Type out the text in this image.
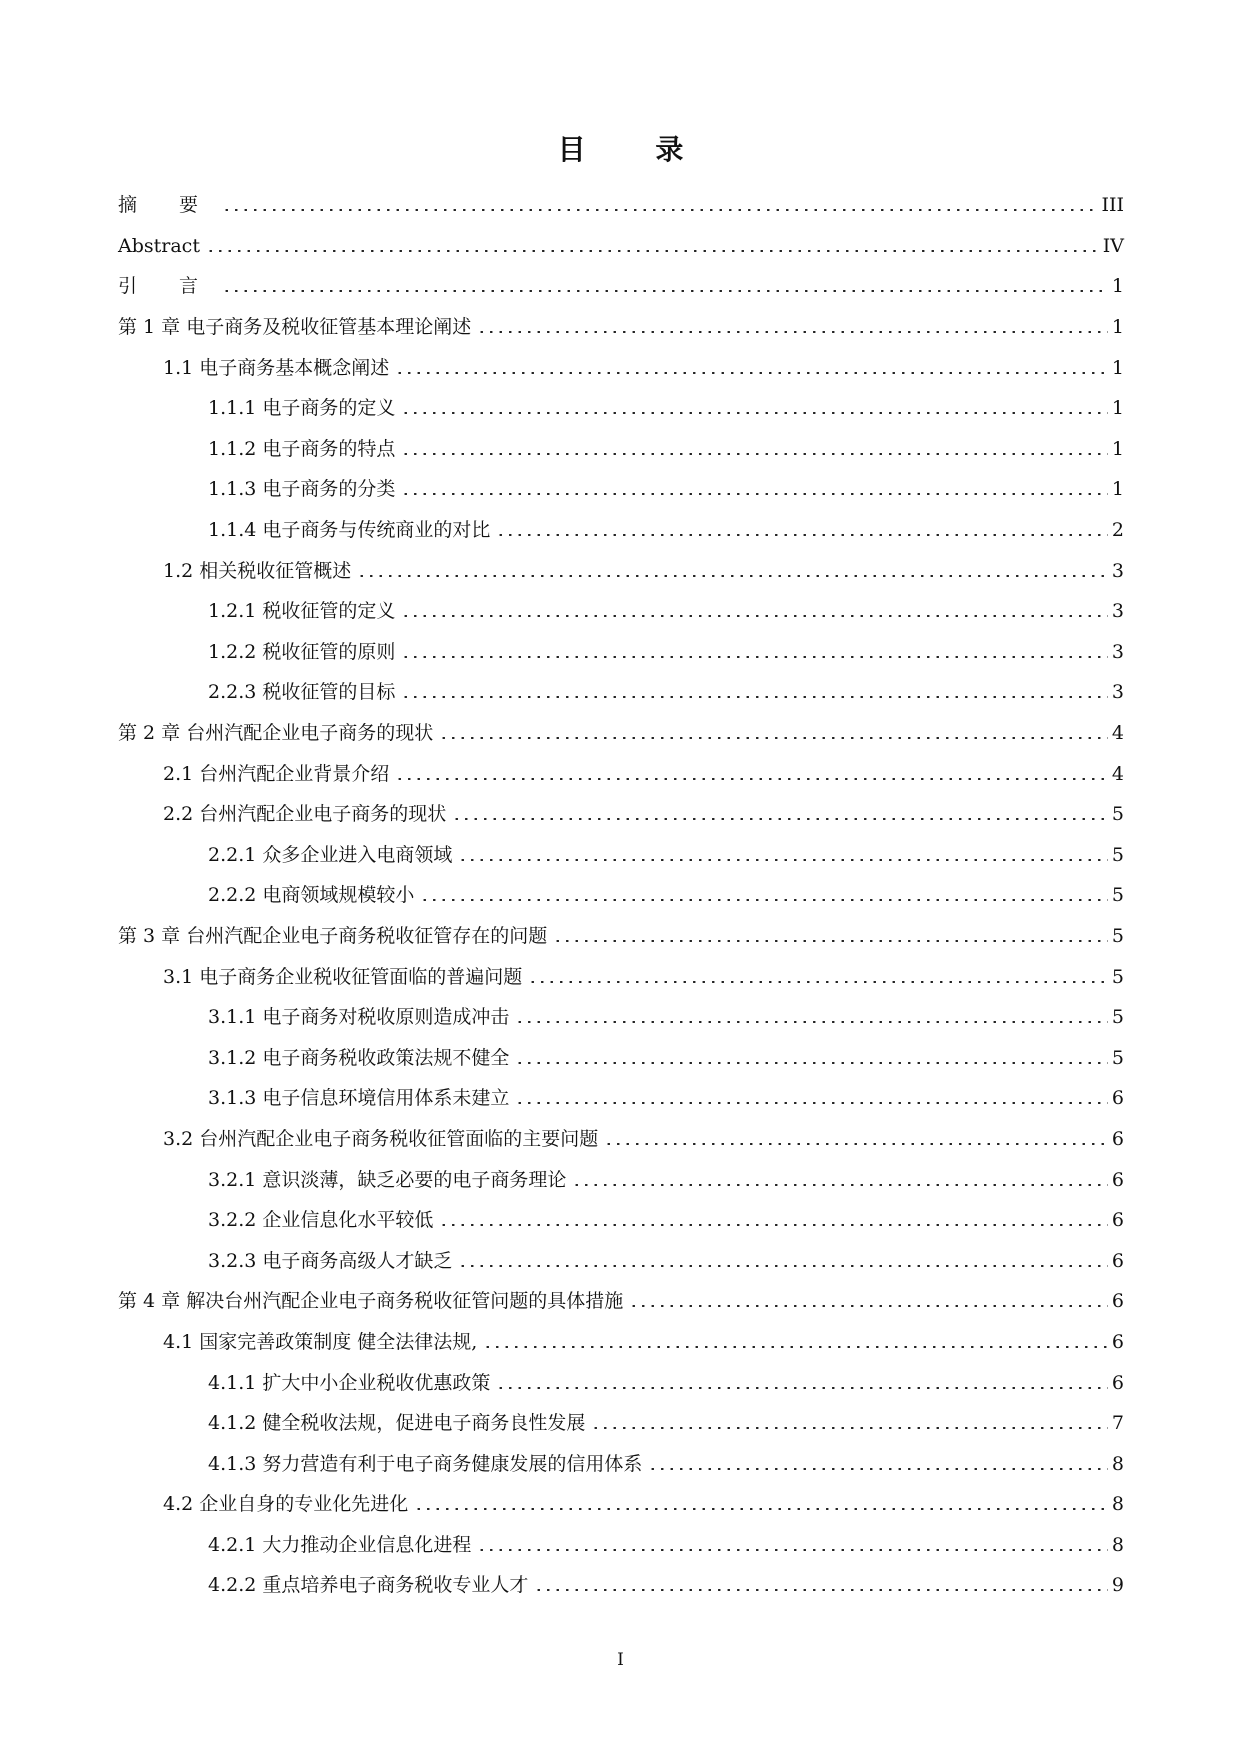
目 录
摘 要	III
Abstract	IV
引 言	1
第 1 章 电子商务及税收征管基本理论阐述	1
1.1 电子商务基本概念阐述	1
1.1.1 电子商务的定义	1
1.1.2 电子商务的特点	1
1.1.3 电子商务的分类	1
1.1.4 电子商务与传统商业的对比	2
1.2 相关税收征管概述	3
1.2.1 税收征管的定义	3
1.2.2 税收征管的原则	3
2.2.3 税收征管的目标	3
第 2 章 台州汽配企业电子商务的现状	4
2.1 台州汽配企业背景介绍	4
2.2 台州汽配企业电子商务的现状	5
2.2.1 众多企业进入电商领域	5
2.2.2 电商领域规模较小	5
第 3 章 台州汽配企业电子商务税收征管存在的问题	5
3.1 电子商务企业税收征管面临的普遍问题	5
3.1.1 电子商务对税收原则造成冲击	5
3.1.2 电子商务税收政策法规不健全	5
3.1.3 电子信息环境信用体系未建立	6
3.2 台州汽配企业电子商务税收征管面临的主要问题	6
3.2.1 意识淡薄，缺乏必要的电子商务理论	6
3.2.2 企业信息化水平较低	6
3.2.3 电子商务高级人才缺乏	6
第 4 章 解决台州汽配企业电子商务税收征管问题的具体措施	6
4.1 国家完善政策制度 健全法律法规,	6
4.1.1 扩大中小企业税收优惠政策	6
4.1.2 健全税收法规，促进电子商务良性发展	7
4.1.3 努力营造有利于电子商务健康发展的信用体系	8
4.2 企业自身的专业化先进化	8
4.2.1 大力推动企业信息化进程	8
4.2.2 重点培养电子商务税收专业人才	9
I
